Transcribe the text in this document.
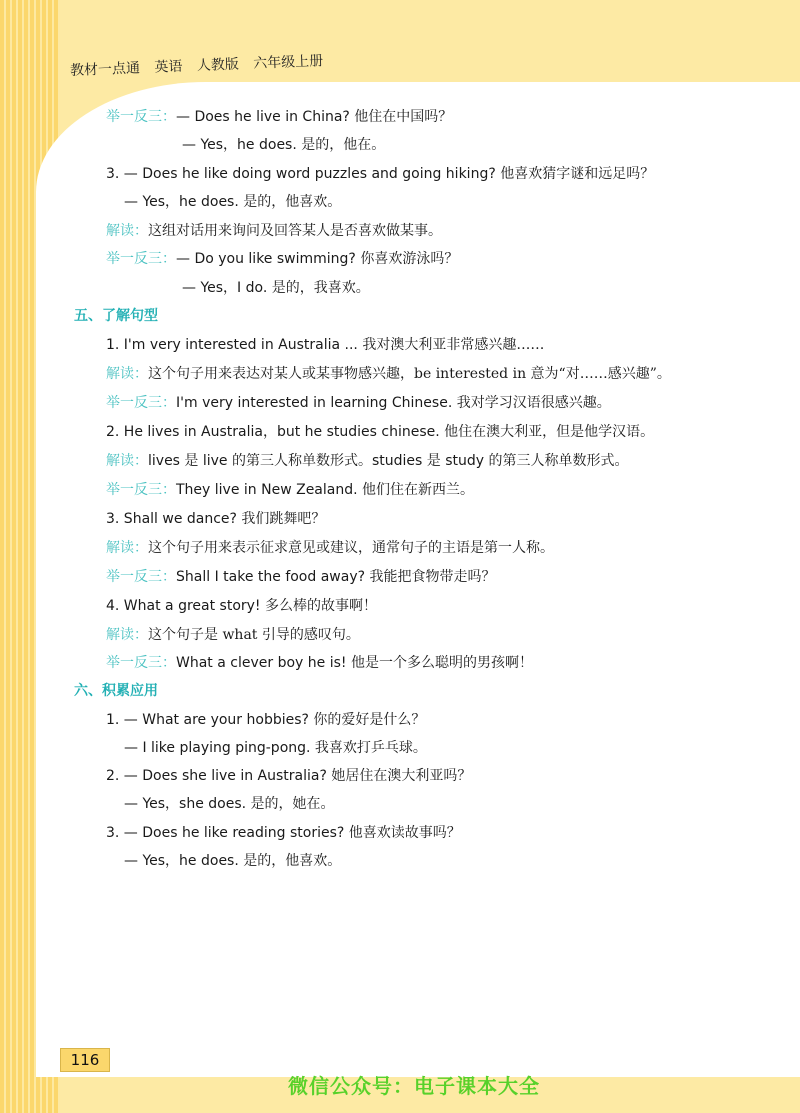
教材一点通 英语 人教版 六年级上册
举一反三：— Does he live in China? 他住在中国吗？
— Yes，he does. 是的，他在。
3. — Does he like doing word puzzles and going hiking? 他喜欢猜字谜和远足吗？
— Yes，he does. 是的，他喜欢。
解读：这组对话用来询问及回答某人是否喜欢做某事。
举一反三：— Do you like swimming? 你喜欢游泳吗？
— Yes，I do. 是的，我喜欢。
五、了解句型
1. I'm very interested in Australia ... 我对澳大利亚非常感兴趣……
解读：这个句子用来表达对某人或某事物感兴趣，be interested in 意为“对……感兴趣”。
举一反三：I'm very interested in learning Chinese. 我对学习汉语很感兴趣。
2. He lives in Australia，but he studies chinese. 他住在澳大利亚，但是他学汉语。
解读：lives 是 live 的第三人称单数形式。studies 是 study 的第三人称单数形式。
举一反三：They live in New Zealand. 他们住在新西兰。
3. Shall we dance? 我们跳舞吧？
解读：这个句子用来表示征求意见或建议，通常句子的主语是第一人称。
举一反三：Shall I take the food away? 我能把食物带走吗？
4. What a great story! 多么棒的故事啊！
解读：这个句子是 what 引导的感叹句。
举一反三：What a clever boy he is! 他是一个多么聪明的男孩啊！
六、积累应用
1. — What are your hobbies? 你的爱好是什么？
— I like playing ping-pong. 我喜欢打乒乓球。
2. — Does she live in Australia? 她居住在澳大利亚吗？
— Yes，she does. 是的，她在。
3. — Does he like reading stories? 他喜欢读故事吗？
— Yes，he does. 是的，他喜欢。
116
微信公众号：电子课本大全
